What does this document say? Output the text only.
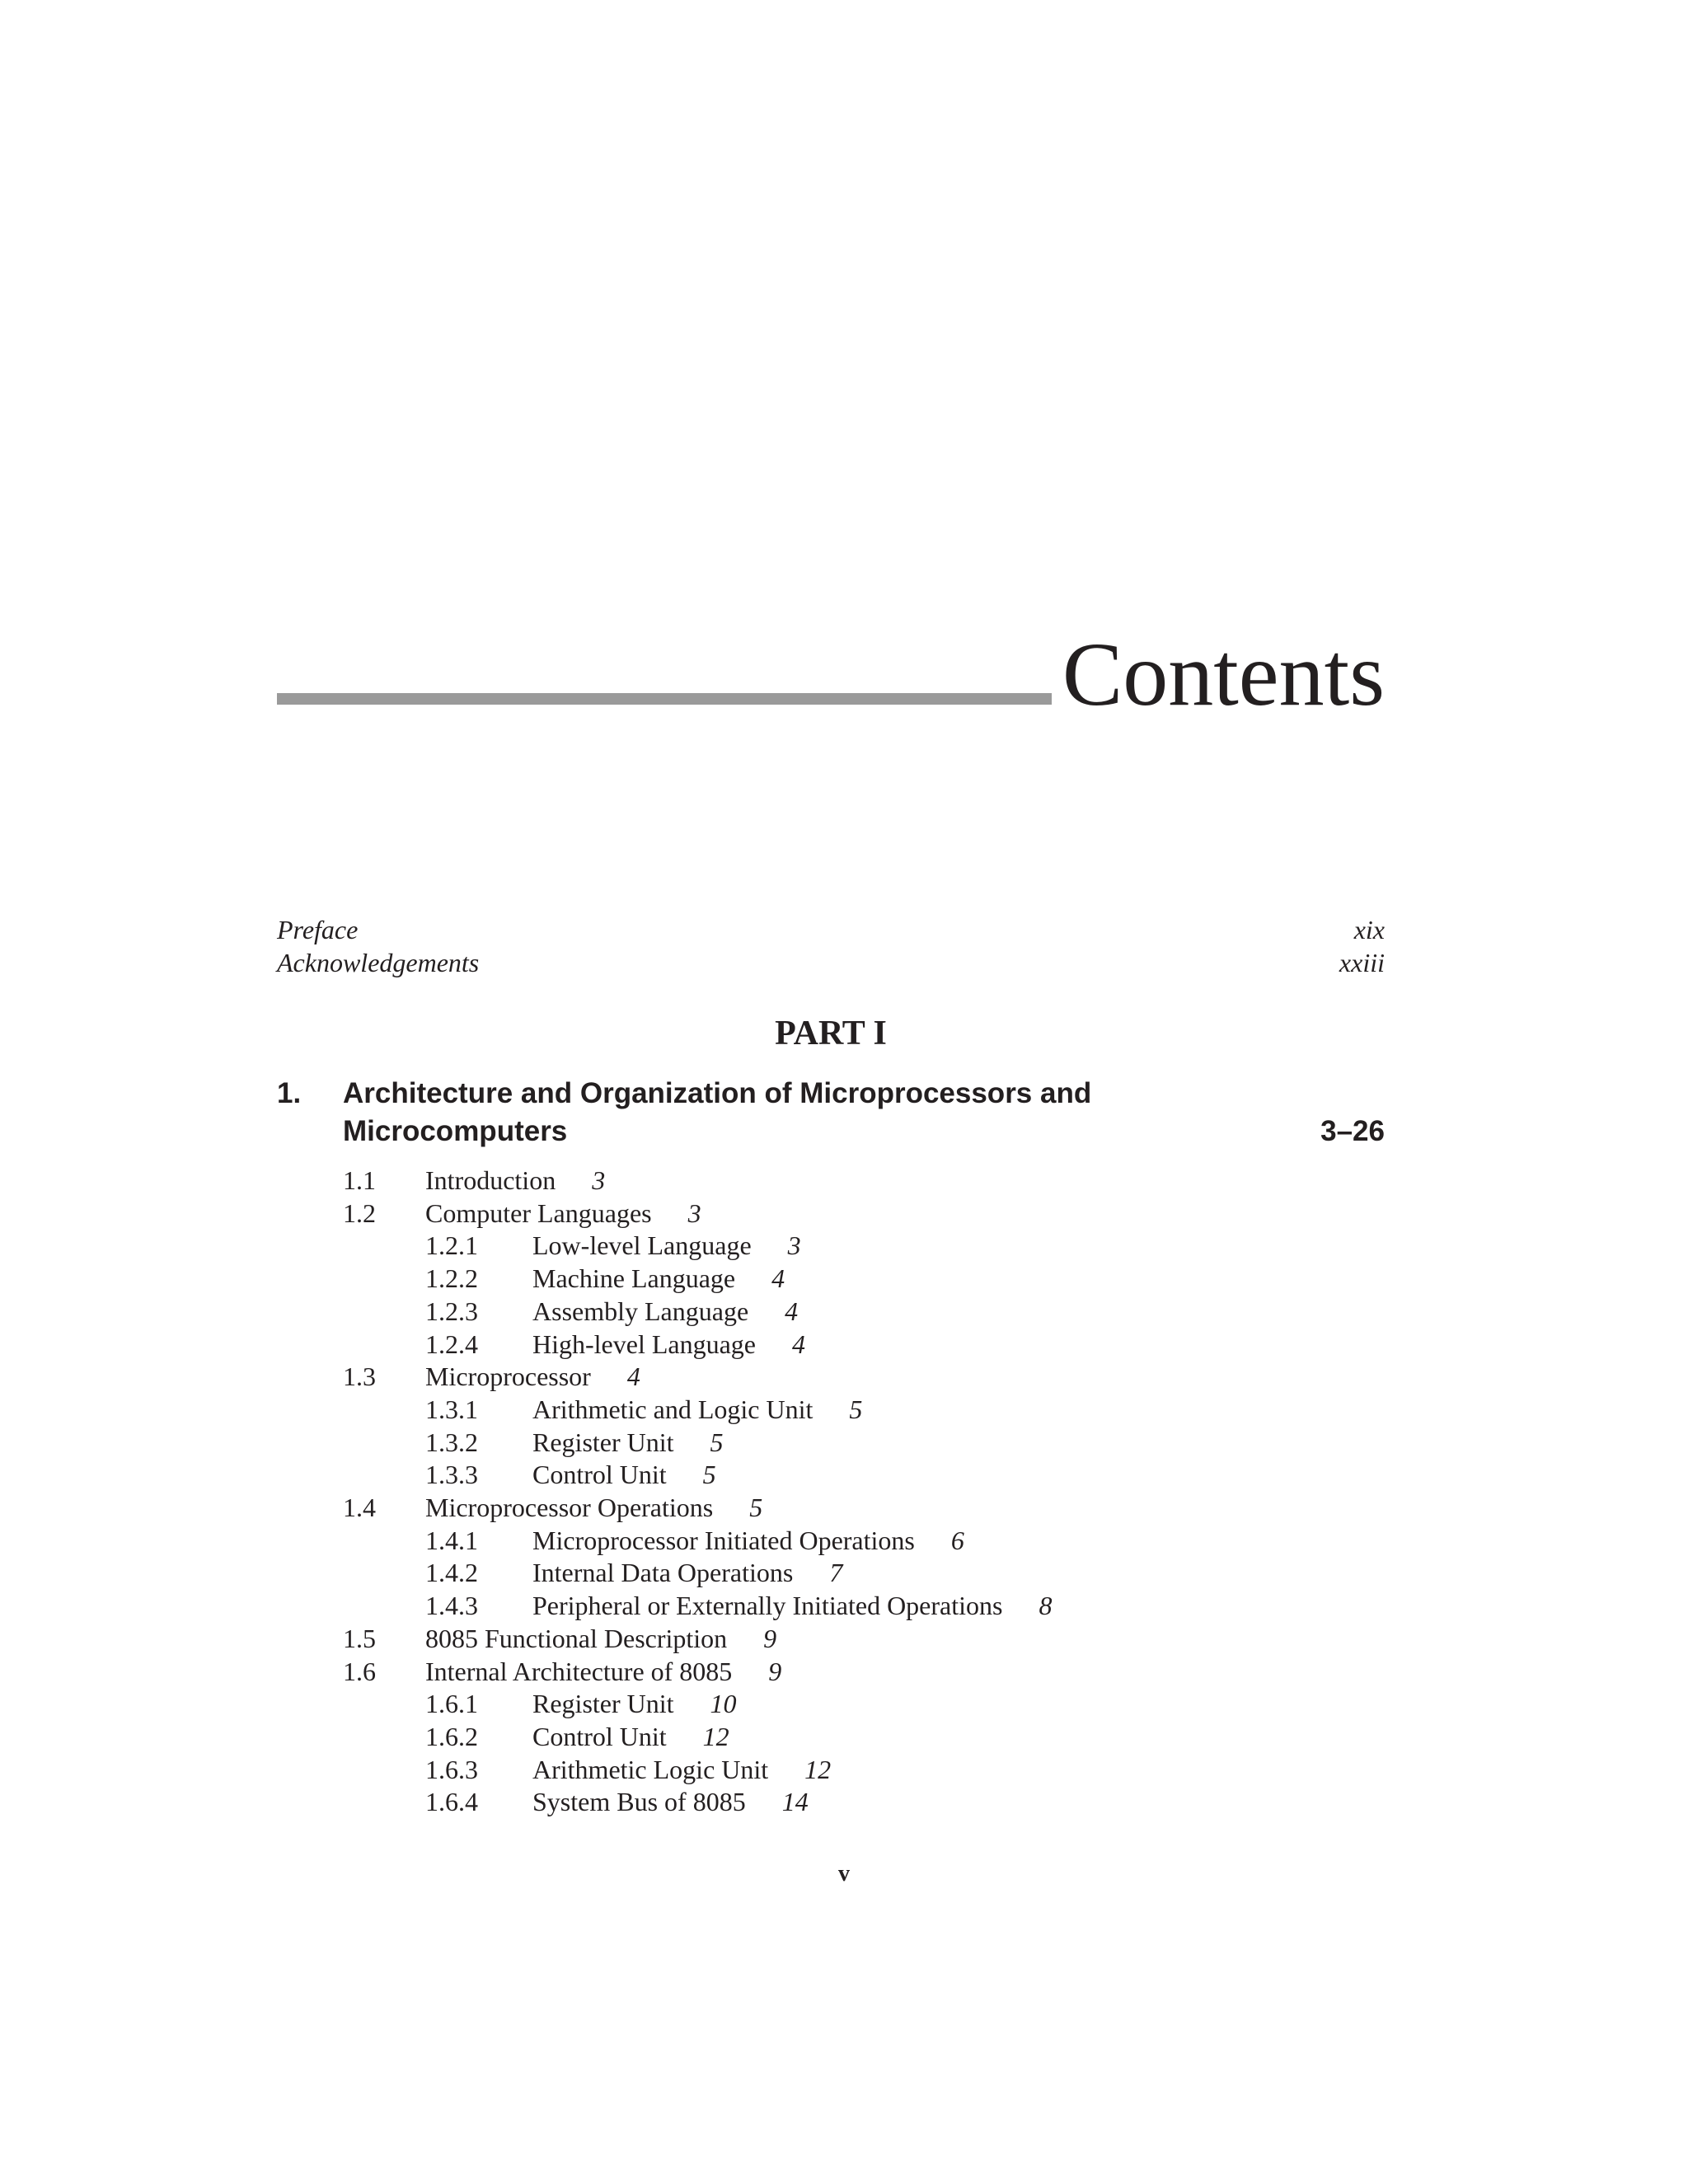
Contents
Preface	xix
Acknowledgements	xxiii
PART I
1. Architecture and Organization of Microprocessors and Microcomputers	3–26
1.1 Introduction 3
1.2 Computer Languages 3
1.2.1 Low-level Language 3
1.2.2 Machine Language 4
1.2.3 Assembly Language 4
1.2.4 High-level Language 4
1.3 Microprocessor 4
1.3.1 Arithmetic and Logic Unit 5
1.3.2 Register Unit 5
1.3.3 Control Unit 5
1.4 Microprocessor Operations 5
1.4.1 Microprocessor Initiated Operations 6
1.4.2 Internal Data Operations 7
1.4.3 Peripheral or Externally Initiated Operations 8
1.5 8085 Functional Description 9
1.6 Internal Architecture of 8085 9
1.6.1 Register Unit 10
1.6.2 Control Unit 12
1.6.3 Arithmetic Logic Unit 12
1.6.4 System Bus of 8085 14
v
